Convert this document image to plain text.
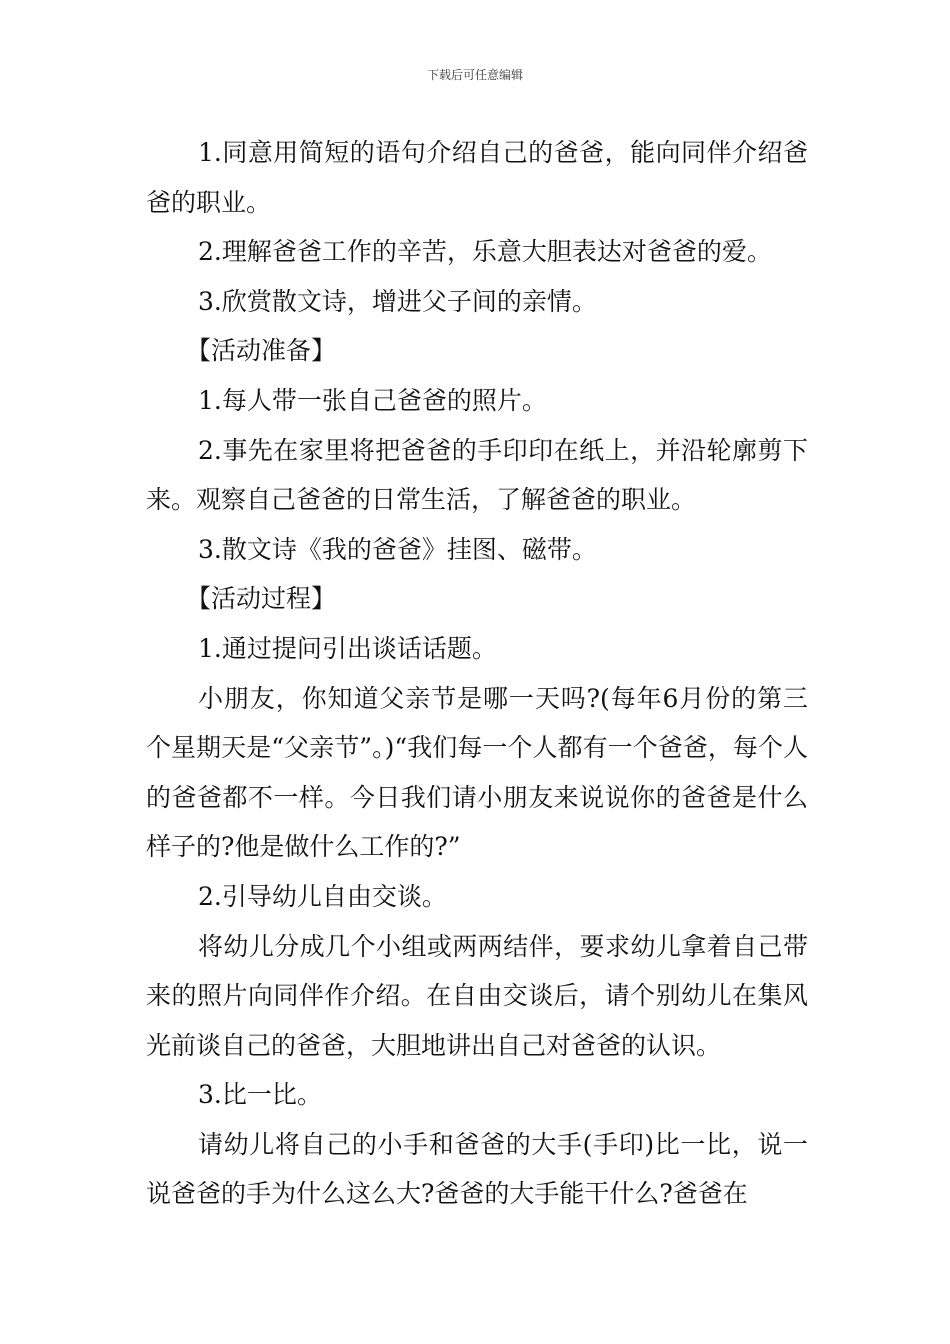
下载后可任意编辑

1.同意用简短的语句介绍自己的爸爸，能向同伴介绍爸爸的职业。

2.理解爸爸工作的辛苦，乐意大胆表达对爸爸的爱。

3.欣赏散文诗，增进父子间的亲情。

【活动准备】

1.每人带一张自己爸爸的照片。

2.事先在家里将把爸爸的手印印在纸上，并沿轮廓剪下来。观察自己爸爸的日常生活，了解爸爸的职业。

3.散文诗《我的爸爸》挂图、磁带。

【活动过程】

1.通过提问引出谈话话题。

小朋友，你知道父亲节是哪一天吗?(每年6月份的第三个星期天是“父亲节”。)“我们每一个人都有一个爸爸，每个人的爸爸都不一样。今日我们请小朋友来说说你的爸爸是什么样子的?他是做什么工作的?”

2.引导幼儿自由交谈。

将幼儿分成几个小组或两两结伴，要求幼儿拿着自己带来的照片向同伴作介绍。在自由交谈后，请个别幼儿在集风光前谈自己的爸爸，大胆地讲出自己对爸爸的认识。

3.比一比。

请幼儿将自己的小手和爸爸的大手(手印)比一比，说一说爸爸的手为什么这么大?爸爸的大手能干什么?爸爸在
